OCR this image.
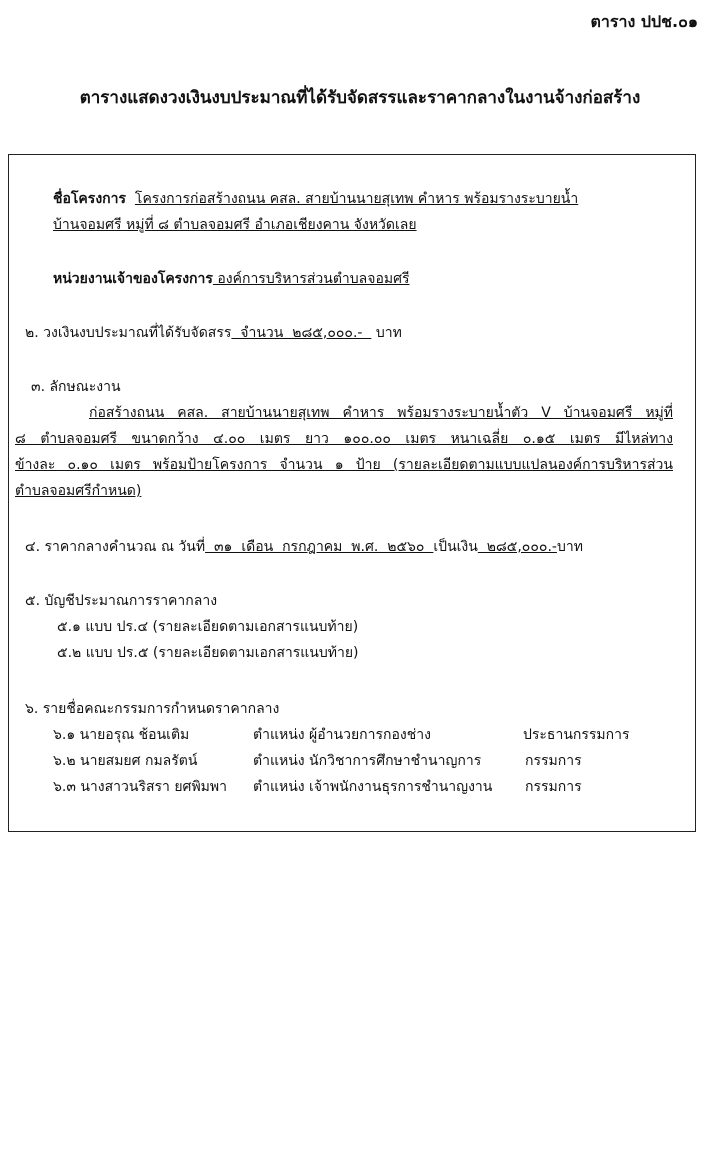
ตาราง ปปช.๐๑
ตารางแสดงวงเงินงบประมาณที่ได้รับจัดสรรและราคากลางในงานจ้างก่อสร้าง
ชื่อโครงการ โครงการก่อสร้างถนน คสล. สายบ้านนายสุเทพ คำหาร พร้อมรางระบายน้ำ
บ้านจอมศรี หมู่ที่ ๘ ตำบลจอมศรี อำเภอเชียงคาน จังหวัดเลย
หน่วยงานเจ้าของโครงการ องค์การบริหารส่วนตำบลจอมศรี
๒. วงเงินงบประมาณที่ได้รับจัดสรร  จำนวน  ๒๘๕,๐๐๐.-   บาท
๓. ลักษณะงาน
ก่อสร้างถนน คสล. สายบ้านนายสุเทพ คำหาร พร้อมรางระบายน้ำตัว V บ้านจอมศรี หมู่ที่
๘ ตำบลจอมศรี ขนาดกว้าง ๔.๐๐ เมตร ยาว ๑๐๐.๐๐ เมตร หนาเฉลี่ย ๐.๑๕ เมตร มีไหล่ทาง
ข้างละ ๐.๑๐ เมตร พร้อมป้ายโครงการ จำนวน ๑ ป้าย (รายละเอียดตามแบบแปลนองค์การบริหารส่วน
ตำบลจอมศรีกำหนด)
๔. ราคากลางคำนวณ ณ วันที่  ๓๑  เดือน  กรกฎาคม  พ.ศ.  ๒๕๖๐  เป็นเงิน  ๒๘๕,๐๐๐.-บาท
๕. บัญชีประมาณการราคากลาง
๕.๑ แบบ ปร.๔ (รายละเอียดตามเอกสารแนบท้าย)
๕.๒ แบบ ปร.๕ (รายละเอียดตามเอกสารแนบท้าย)
๖. รายชื่อคณะกรรมการกำหนดราคากลาง
๖.๑ นายอรุณ ช้อนเติม	ตำแหน่ง ผู้อำนวยการกองช่าง	ประธานกรรมการ
๖.๒ นายสมยศ กมลรัตน์	ตำแหน่ง นักวิชาการศึกษาชำนาญการ	กรรมการ
๖.๓ นางสาวนริสรา ยศพิมพา ตำแหน่ง เจ้าพนักงานธุรการชำนาญงาน กรรมการ
